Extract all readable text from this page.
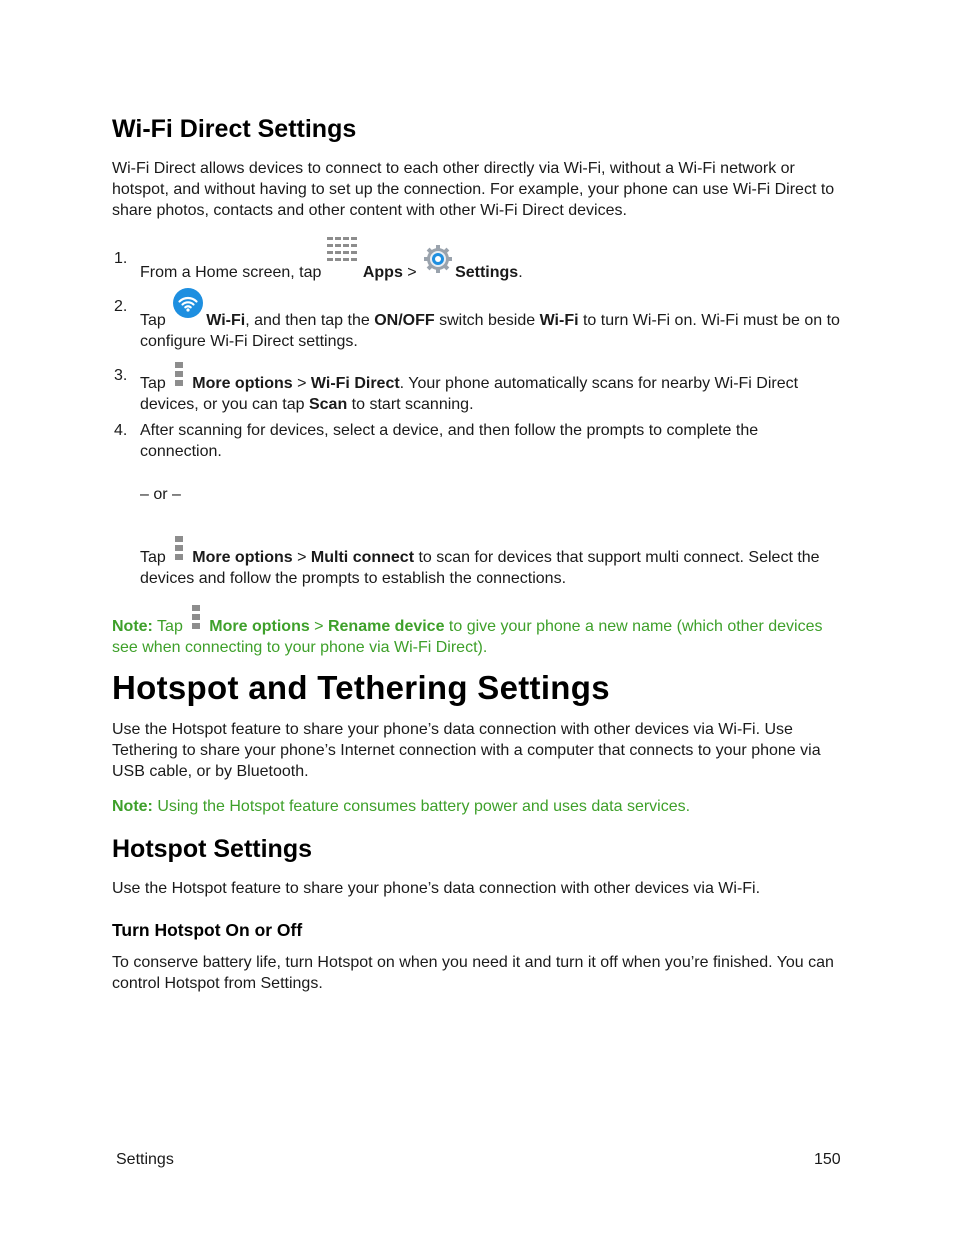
Wi-Fi Direct Settings
Wi-Fi Direct allows devices to connect to each other directly via Wi-Fi, without a Wi-Fi network or hotspot, and without having to set up the connection. For example, your phone can use Wi-Fi Direct to share photos, contacts and other content with other Wi-Fi Direct devices.
1.
From a Home screen, tap
Apps > Settings.
2.
Tap Wi-Fi, and then tap the ON/OFF switch beside Wi-Fi to turn Wi-Fi on. Wi-Fi must be on to configure Wi-Fi Direct settings.
3. Tap
More options > Wi-Fi Direct. Your phone automatically scans for nearby Wi-Fi Direct devices, or you can tap Scan to start scanning.
4. After scanning for devices, select a device, and then follow the prompts to complete the connection.
– or –
Tap
More options > Multi connect to scan for devices that support multi connect. Select the devices and follow the prompts to establish the connections.
Note: Tap
More options > Rename device to give your phone a new name (which other devices see when connecting to your phone via Wi-Fi Direct).
Hotspot and Tethering Settings
Use the Hotspot feature to share your phone’s data connection with other devices via Wi-Fi. Use Tethering to share your phone’s Internet connection with a computer that connects to your phone via USB cable, or by Bluetooth.
Note: Using the Hotspot feature consumes battery power and uses data services.
Hotspot Settings
Use the Hotspot feature to share your phone’s data connection with other devices via Wi-Fi.
Turn Hotspot On or Off
To conserve battery life, turn Hotspot on when you need it and turn it off when you’re finished. You can control Hotspot from Settings.
Settings	150
